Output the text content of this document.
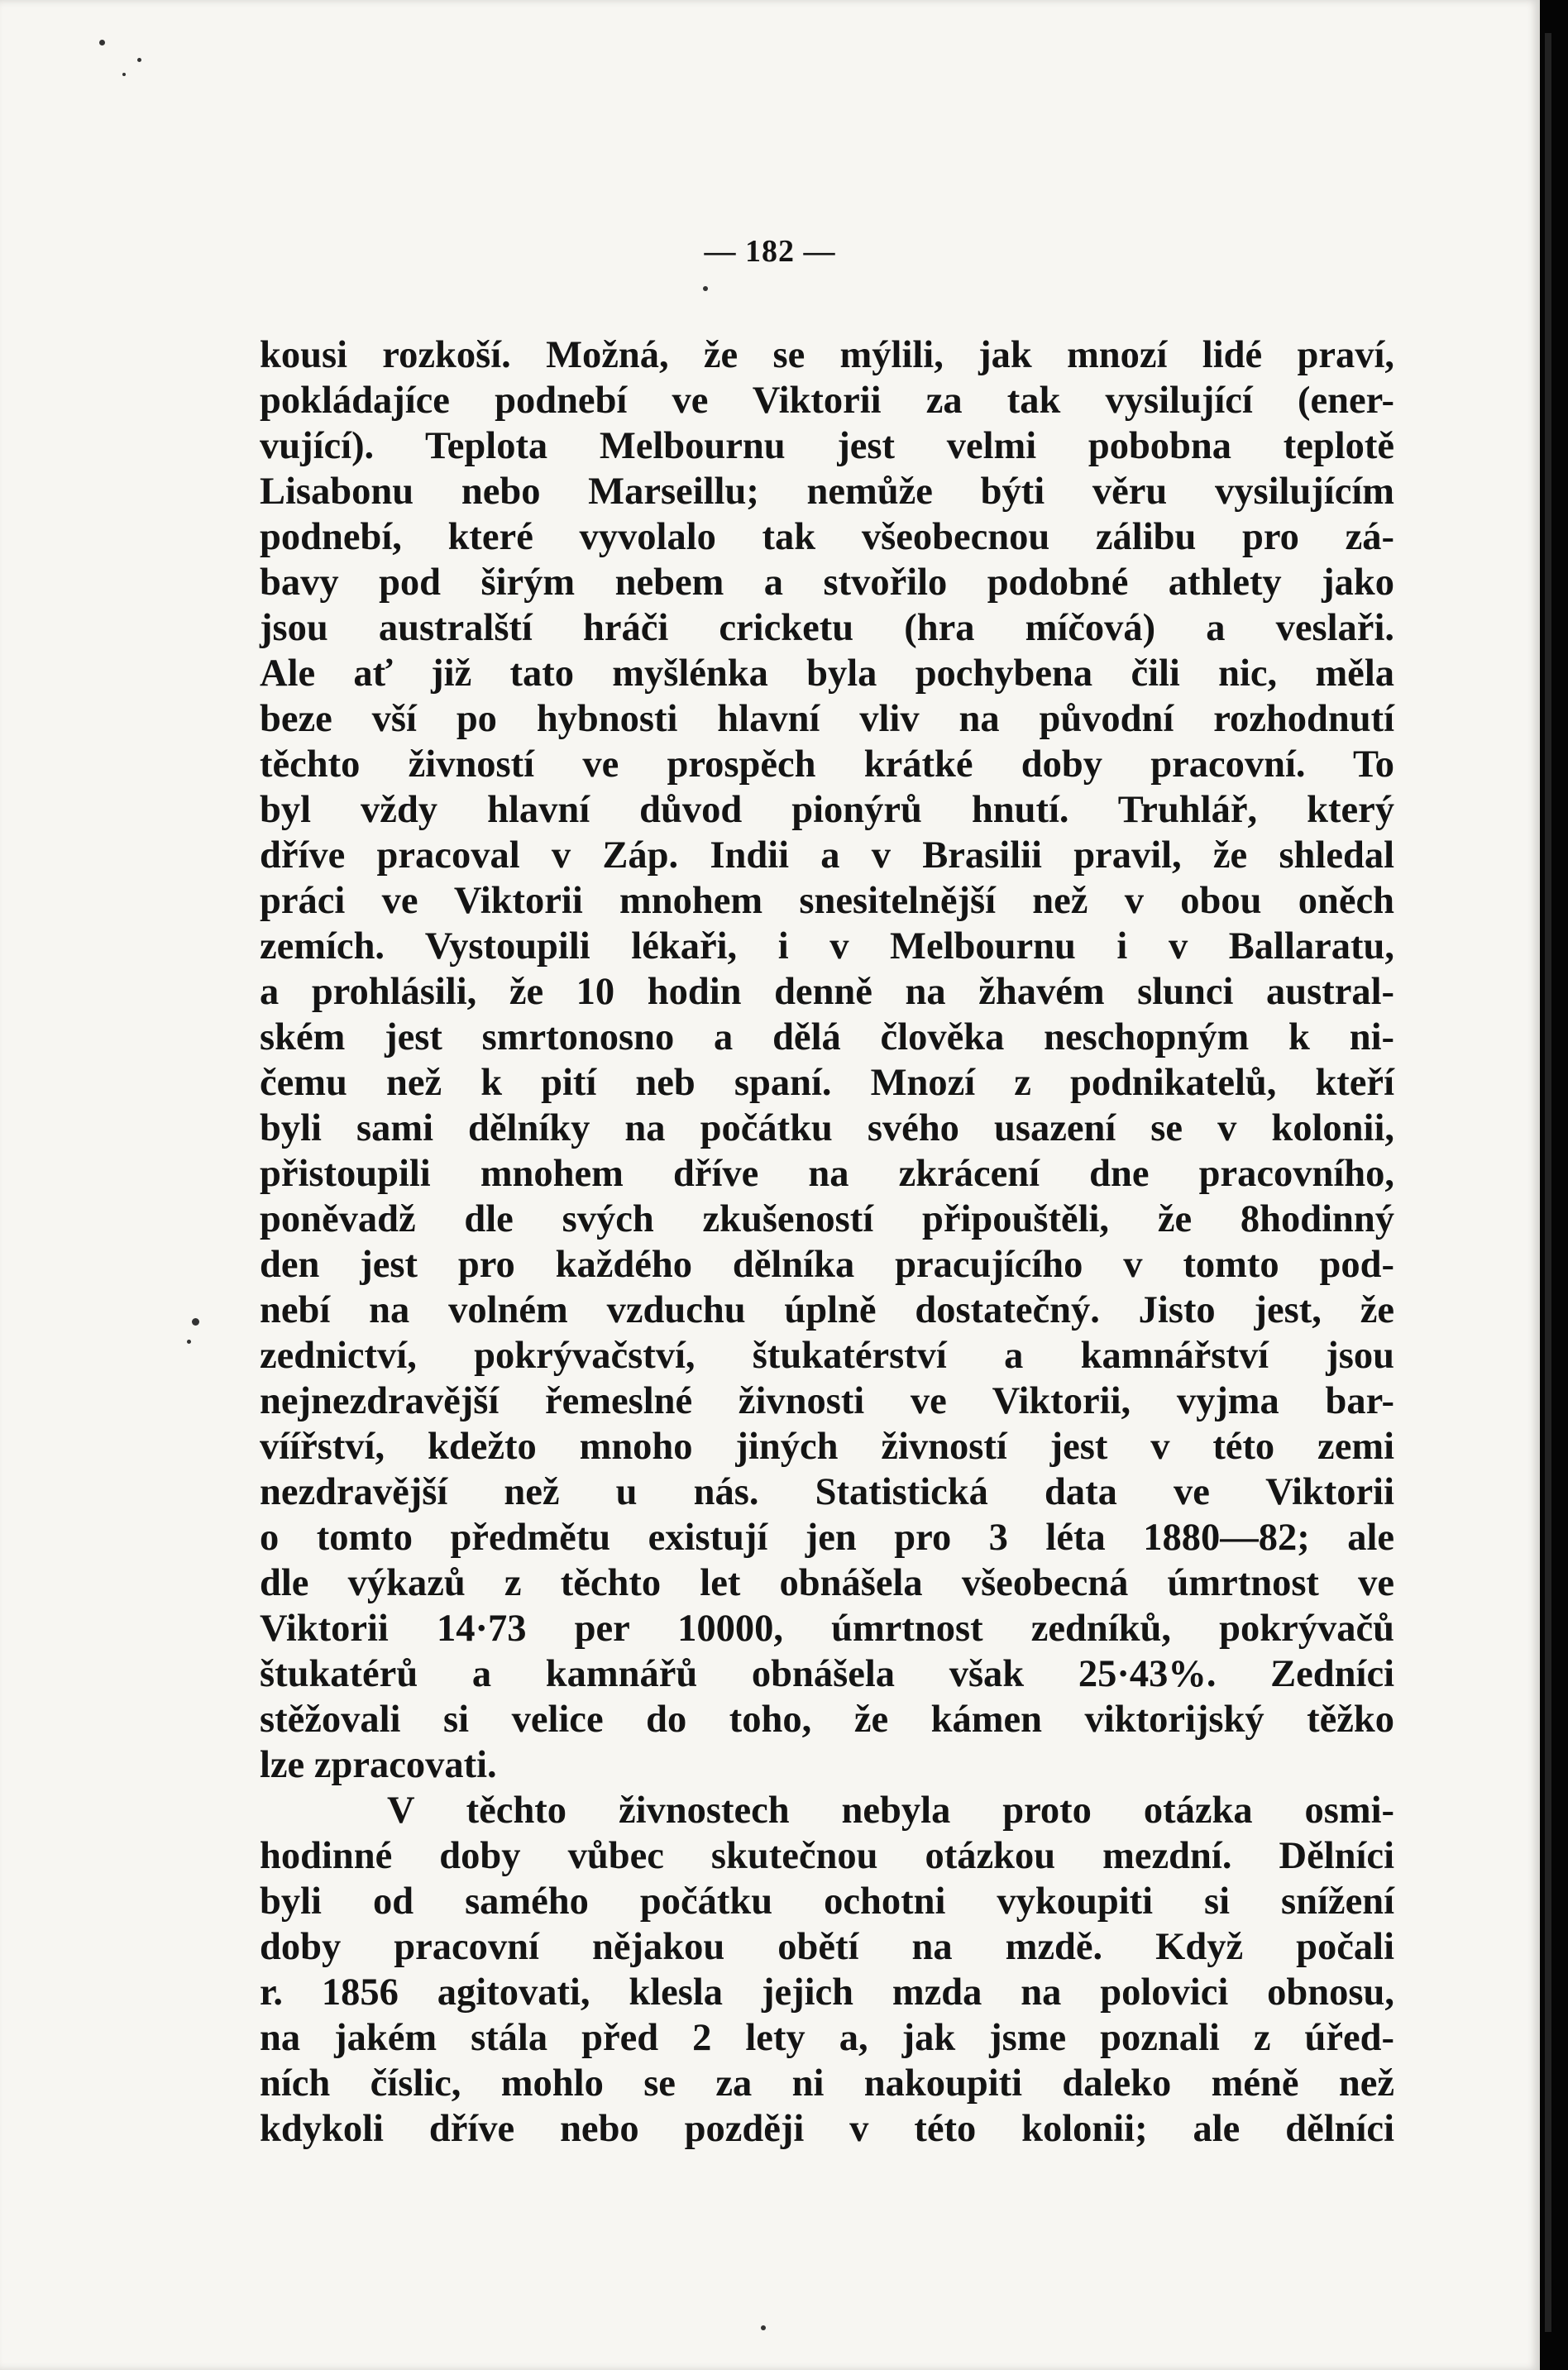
— 182 —
kousi rozkoší. Možná, že se mýlili, jak mnozí lidé praví,
pokládajíce podnebí ve Viktorii za tak vysilující (ener-
vující). Teplota Melbournu jest velmi pobobna teplotě
Lisabonu nebo Marseillu; nemůže býti věru vysilujícím
podnebí, které vyvolalo tak všeobecnou zálibu pro zá-
bavy pod širým nebem a stvořilo podobné athlety jako
jsou australští hráči cricketu (hra míčová) a veslaři.
Ale ať již tato myšlénka byla pochybena čili nic, měla
beze vší po hybnosti hlavní vliv na původní rozhodnutí
těchto živností ve prospěch krátké doby pracovní. To
byl vždy hlavní důvod pionýrů hnutí. Truhlář, který
dříve pracoval v Záp. Indii a v Brasilii pravil, že shledal
práci ve Viktorii mnohem snesitelnější než v obou oněch
zemích. Vystoupili lékaři, i v Melbournu i v Ballaratu,
a prohlásili, že 10 hodin denně na žhavém slunci austral-
ském jest smrtonosno a dělá člověka neschopným k ni-
čemu než k pití neb spaní. Mnozí z podnikatelů, kteří
byli sami dělníky na počátku svého usazení se v kolonii,
přistoupili mnohem dříve na zkrácení dne pracovního,
poněvadž dle svých zkušeností připouštěli, že 8hodinný
den jest pro každého dělníka pracujícího v tomto pod-
nebí na volném vzduchu úplně dostatečný. Jisto jest, že
zednictví, pokrývačství, štukatérství a kamnářství jsou
nejnezdravější řemeslné živnosti ve Viktorii, vyjma bar-
víířství, kdežto mnoho jiných živností jest v této zemi
nezdravější než u nás. Statistická data ve Viktorii
o tomto předmětu existují jen pro 3 léta 1880—82; ale
dle výkazů z těchto let obnášela všeobecná úmrtnost ve
Viktorii 14·73 per 10000, úmrtnost zedníků, pokrývačů
štukatérů a kamnářů obnášela však 25·43%. Zedníci
stěžovali si velice do toho, že kámen viktorijský těžko
lze zpracovati.
V těchto živnostech nebyla proto otázka osmi-
hodinné doby vůbec skutečnou otázkou mezdní. Dělníci
byli od samého počátku ochotni vykoupiti si snížení
doby pracovní nějakou obětí na mzdě. Když počali
r. 1856 agitovati, klesla jejich mzda na polovici obnosu,
na jakém stála před 2 lety a, jak jsme poznali z úřed-
ních čísliс, mohlo se za ni nakoupiti daleko méně než
kdykoli dříve nebo později v této kolonii; ale dělníci
